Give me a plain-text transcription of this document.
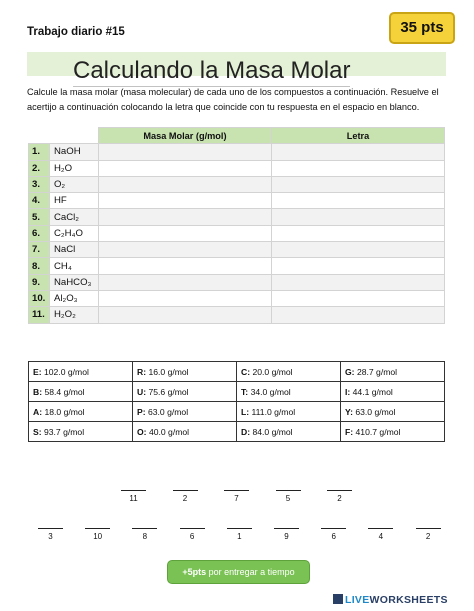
Trabajo diario #15	35 pts
Calculando la Masa Molar

Calcule la masa molar (masa molecular) de cada uno de los compuestos a continuación. Resuelve el acertijo a continuación colocando la letra que coincide con tu respuesta en el espacio en blanco.

		Masa Molar (g/mol)	Letra
1.	NaOH		
2.	H₂O		
3.	O₂		
4.	HF		
5.	CaCl₂		
6.	C₂H₄O		
7.	NaCl		
8.	CH₄		
9.	NaHCO₃		
10.	Al₂O₃		
11.	H₂O₂		
E: 102.0 g/mol	R: 16.0 g/mol	C: 20.0 g/mol	G: 28.7 g/mol
B: 58.4 g/mol	U: 75.6 g/mol	T: 34.0 g/mol	I: 44.1 g/mol
A: 18.0 g/mol	P: 63.0 g/mol	L: 111.0 g/mol	Y: 63.0 g/mol
S: 93.7 g/mol	O: 40.0 g/mol	D: 84.0 g/mol	F: 410.7 g/mol
11	2	7	5	2
3	10	8	6	1	9	6	4	2
+5pts por entregar a tiempo
LIVEWORKSHEETS
